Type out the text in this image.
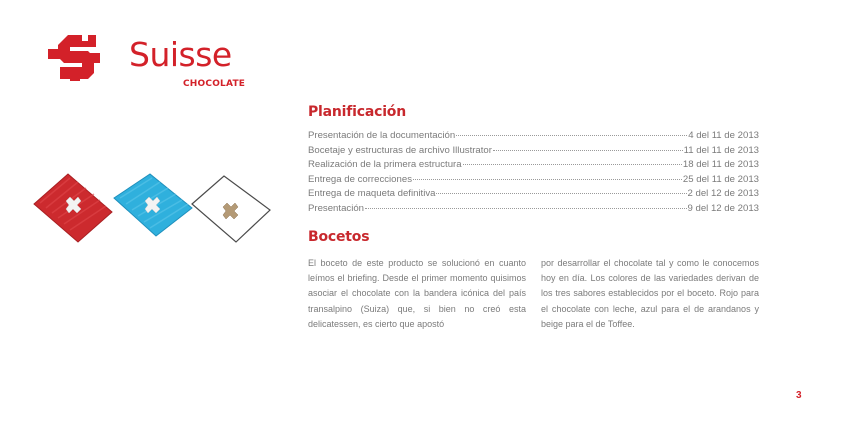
Suisse
CHOCOLATE
Planificación
Presentación de la documentación	4 del 11 de 2013
Bocetaje y estructuras de archivo Illustrator	11 del 11 de 2013
Realización de la primera estructura	18 del 11 de 2013
Entrega de correcciones	25 del 11 de 2013
Entrega de maqueta definitiva	2 del 12 de 2013
Presentación	9 del 12 de 2013
Bocetos

El boceto de este producto se solucionó en cuanto leímos el briefing. Desde el primer momento quisimos asociar el chocolate con la bandera icónica del país transalpino (Suiza) que, si bien no creó esta delicatessen, es cierto que apostó

por desarrollar el chocolate tal y como le conocemos hoy en día. Los colores de las variedades derivan de los tres sabores establecidos por el boceto. Rojo para el chocolate con leche, azul para el de arandanos y beige para el de Toffee.

3
